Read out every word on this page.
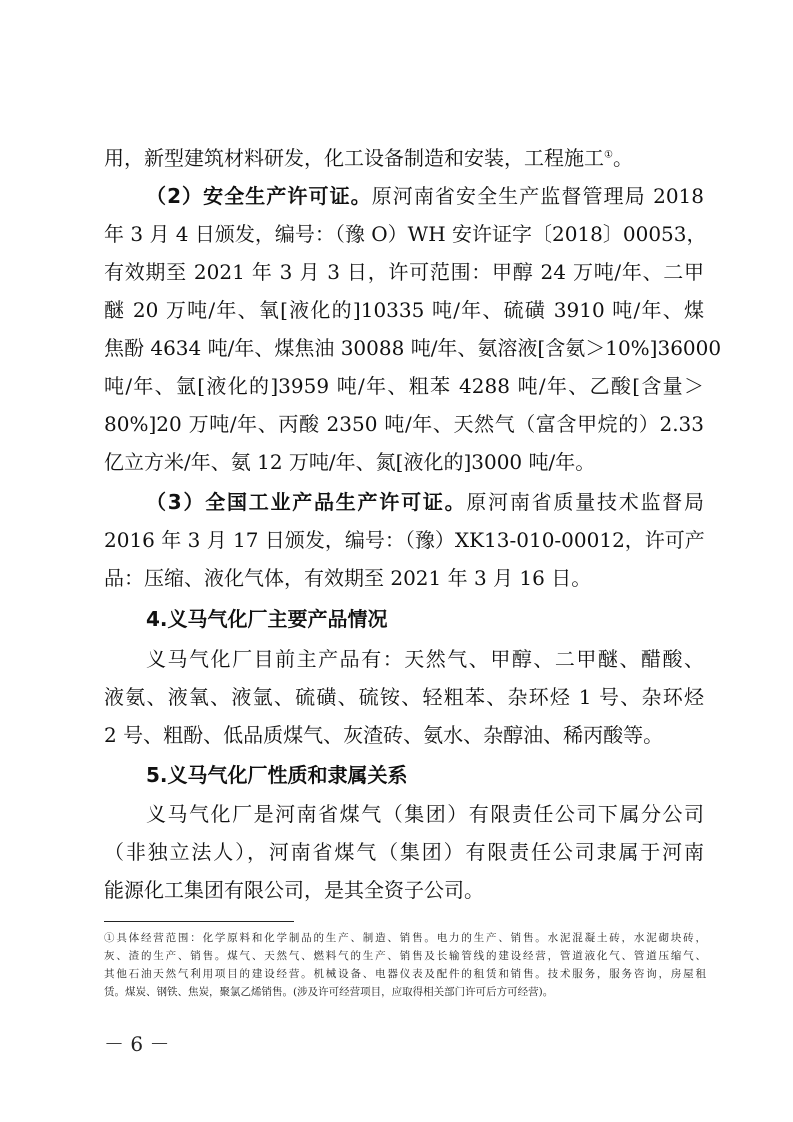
用，新型建筑材料研发，化工设备制造和安装，工程施工①。
（2）安全生产许可证。原河南省安全生产监督管理局 2018
年 3 月 4 日颁发，编号：（豫 O）WH 安许证字〔2018〕00053，
有效期至 2021 年 3 月 3 日，许可范围：甲醇 24 万吨/年、二甲
醚 20 万吨/年、氧[液化的]10335 吨/年、硫磺 3910 吨/年、煤
焦酚 4634 吨/年、煤焦油 30088 吨/年、氨溶液[含氨＞10%]36000
吨/年、氩[液化的]3959 吨/年、粗苯 4288 吨/年、乙酸[含量＞
80%]20 万吨/年、丙酸 2350 吨/年、天然气（富含甲烷的）2.33
亿立方米/年、氨 12 万吨/年、氮[液化的]3000 吨/年。
（3）全国工业产品生产许可证。原河南省质量技术监督局
2016 年 3 月 17 日颁发，编号：（豫）XK13-010-00012，许可产
品：压缩、液化气体，有效期至 2021 年 3 月 16 日。
4.义马气化厂主要产品情况
义马气化厂目前主产品有：天然气、甲醇、二甲醚、醋酸、
液氨、液氧、液氩、硫磺、硫铵、轻粗苯、杂环烃 1 号、杂环烃
2 号、粗酚、低品质煤气、灰渣砖、氨水、杂醇油、稀丙酸等。
5.义马气化厂性质和隶属关系
义马气化厂是河南省煤气（集团）有限责任公司下属分公司
（非独立法人），河南省煤气（集团）有限责任公司隶属于河南
能源化工集团有限公司，是其全资子公司。
①具体经营范围：化学原料和化学制品的生产、制造、销售。电力的生产、销售。水泥混凝土砖，水泥砌块砖，
灰、渣的生产、销售。煤气、天然气、燃料气的生产、销售及长输管线的建设经营，管道液化气、管道压缩气、
其他石油天然气利用项目的建设经营。机械设备、电器仪表及配件的租赁和销售。技术服务，服务咨询，房屋租
赁。煤炭、钢铁、焦炭，聚氯乙烯销售。(涉及许可经营项目，应取得相关部门许可后方可经营)。
－ 6 －
